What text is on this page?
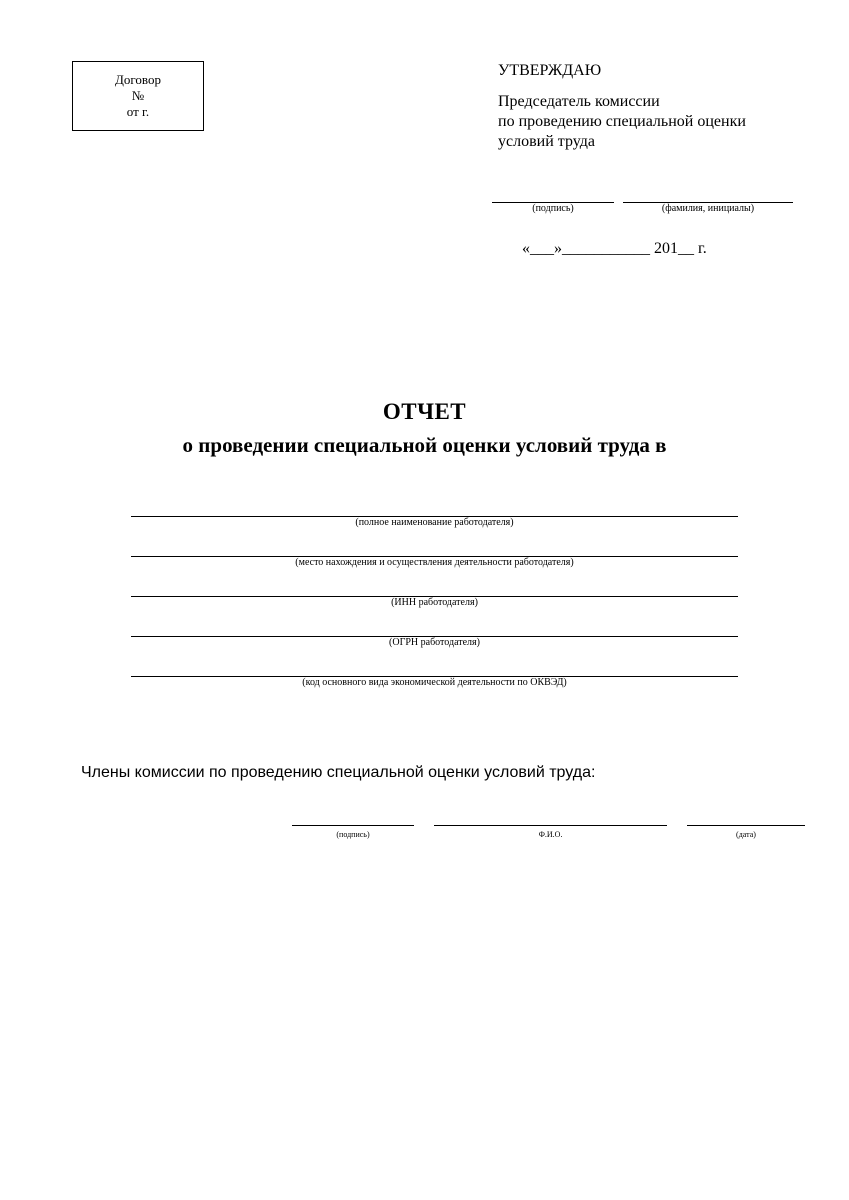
Договор
№
от г.
УТВЕРЖДАЮ
Председатель комиссии
по проведению специальной оценки
условий труда
(подпись)	(фамилия, инициалы)
«___»___________ 201__ г.
ОТЧЕТ
о проведении специальной оценки условий труда в
(полное наименование работодателя)
(место нахождения и осуществления деятельности работодателя)
(ИНН работодателя)
(ОГРН работодателя)
(код основного вида экономической деятельности по ОКВЭД)
Члены комиссии по проведению специальной оценки условий труда:
(подпись)	Ф.И.О.	(дата)
